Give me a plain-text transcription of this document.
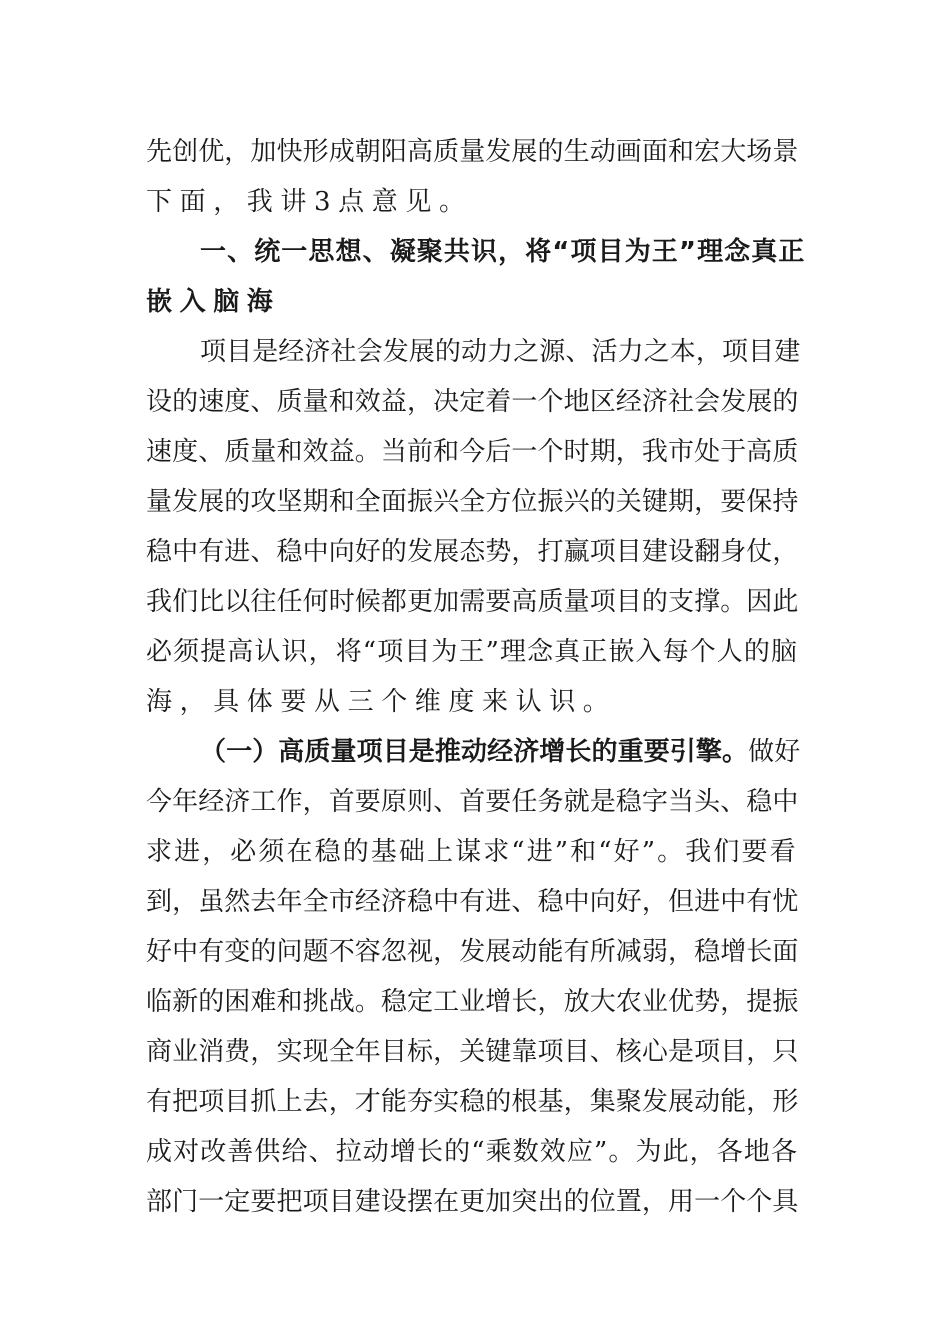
先创优，加快形成朝阳高质量发展的生动画面和宏大场景
下面，我讲3点意见。
一、统一思想、凝聚共识，将“项目为王”理念真正
嵌入脑海
项目是经济社会发展的动力之源、活力之本，项目建
设的速度、质量和效益，决定着一个地区经济社会发展的
速度、质量和效益。当前和今后一个时期，我市处于高质
量发展的攻坚期和全面振兴全方位振兴的关键期，要保持
稳中有进、稳中向好的发展态势，打赢项目建设翻身仗，
我们比以往任何时候都更加需要高质量项目的支撑。因此
必须提高认识，将“项目为王”理念真正嵌入每个人的脑
海，具体要从三个维度来认识。
（一）高质量项目是推动经济增长的重要引擎。做好
今年经济工作，首要原则、首要任务就是稳字当头、稳中
求进，必须在稳的基础上谋求“进”和“好”。我们要看
到，虽然去年全市经济稳中有进、稳中向好，但进中有忧
好中有变的问题不容忽视，发展动能有所减弱，稳增长面
临新的困难和挑战。稳定工业增长，放大农业优势，提振
商业消费，实现全年目标，关键靠项目、核心是项目，只
有把项目抓上去，才能夯实稳的根基，集聚发展动能，形
成对改善供给、拉动增长的“乘数效应”。为此，各地各
部门一定要把项目建设摆在更加突出的位置，用一个个具
